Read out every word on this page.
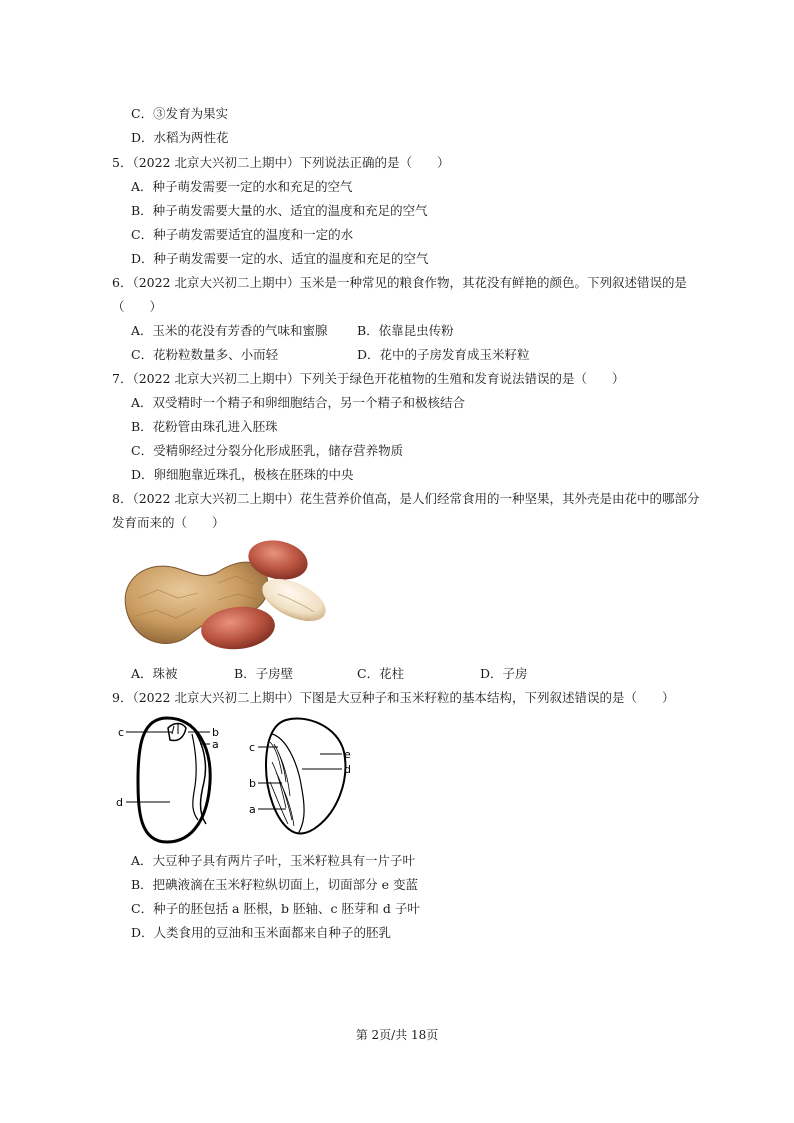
C．③发育为果实
D．水稻为两性花
5．（2022 北京大兴初二上期中）下列说法正确的是（　　）
A．种子萌发需要一定的水和充足的空气
B．种子萌发需要大量的水、适宜的温度和充足的空气
C．种子萌发需要适宜的温度和一定的水
D．种子萌发需要一定的水、适宜的温度和充足的空气
6．（2022 北京大兴初二上期中）玉米是一种常见的粮食作物，其花没有鲜艳的颜色。下列叙述错误的是
（　　）
A．玉米的花没有芳香的气味和蜜腺 B．依靠昆虫传粉
C．花粉粒数量多、小而轻	D．花中的子房发育成玉米籽粒
7．（2022 北京大兴初二上期中）下列关于绿色开花植物的生殖和发育说法错误的是（　　）
A．双受精时一个精子和卵细胞结合，另一个精子和极核结合
B．花粉管由珠孔进入胚珠
C．受精卵经过分裂分化形成胚乳，储存营养物质
D．卵细胞靠近珠孔，极核在胚珠的中央
8．（2022 北京大兴初二上期中）花生营养价值高，是人们经常食用的一种坚果，其外壳是由花中的哪部分
发育而来的（　　）
A．珠被	B．子房壁	C．花柱	D．子房
9．（2022 北京大兴初二上期中）下图是大豆种子和玉米籽粒的基本结构，下列叙述错误的是（　　）
c	b
a
d
c
e
d
b
a
A．大豆种子具有两片子叶，玉米籽粒具有一片子叶
B．把碘液滴在玉米籽粒纵切面上，切面部分 e 变蓝
C．种子的胚包括 a 胚根，b 胚轴、c 胚芽和 d 子叶
D．人类食用的豆油和玉米面都来自种子的胚乳
第 2页/共 18页
